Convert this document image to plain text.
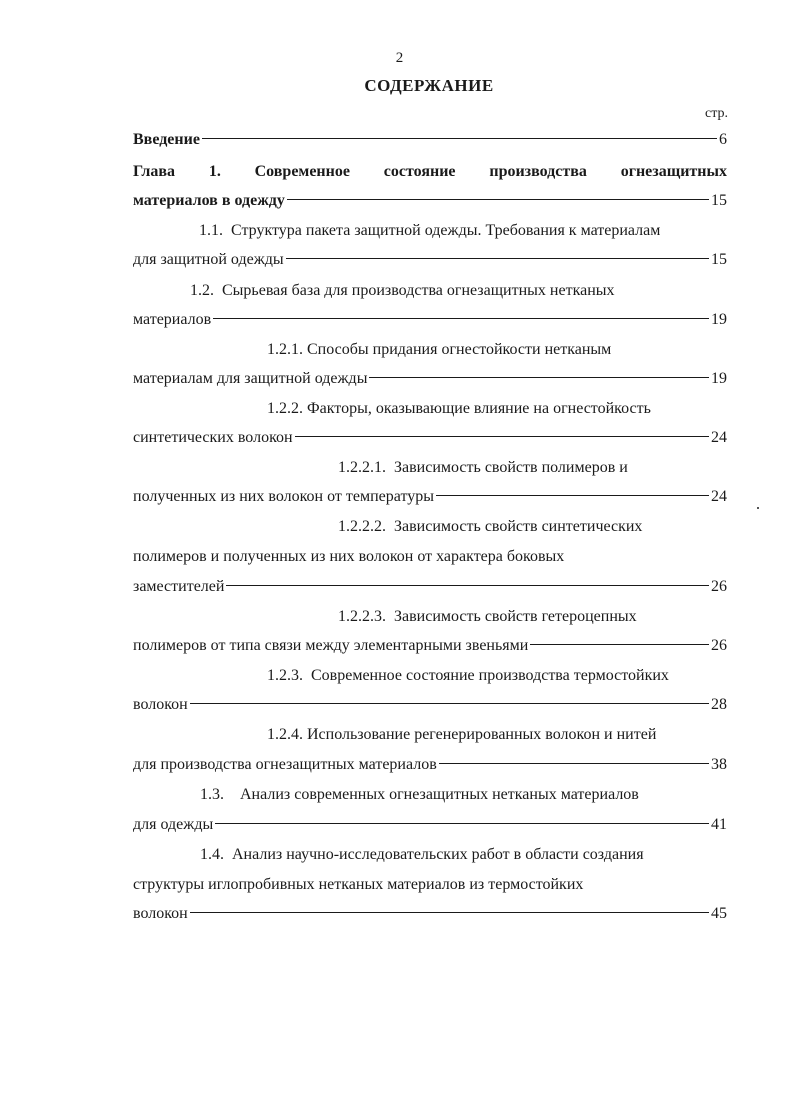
2
СОДЕРЖАНИЕ
стр.
Введение	6
Глава 1. Современное состояние производства огнезащитных
материалов в одежду	15
1.1.  Структура пакета защитной одежды. Требования к материалам
для защитной одежды	15
1.2.  Сырьевая база для производства огнезащитных нетканых
материалов	19
1.2.1. Способы придания огнестойкости нетканым
материалам для защитной одежды	19
1.2.2. Факторы, оказывающие влияние на огнестойкость
синтетических волокон	24
1.2.2.1.  Зависимость свойств полимеров и
полученных из них волокон от температуры	24
1.2.2.2.  Зависимость свойств синтетических
полимеров и полученных из них волокон от характера боковых
заместителей	26
1.2.2.3.  Зависимость свойств гетероцепных
полимеров от типа связи между элементарными звеньями	26
1.2.3.  Современное состояние производства термостойких
волокон	28
1.2.4. Использование регенерированных волокон и нитей
для производства огнезащитных материалов	38
1.3.    Анализ современных огнезащитных нетканых материалов
для одежды	41
1.4.  Анализ научно-исследовательских работ в области создания
структуры иглопробивных нетканых материалов из термостойких
волокон	45
